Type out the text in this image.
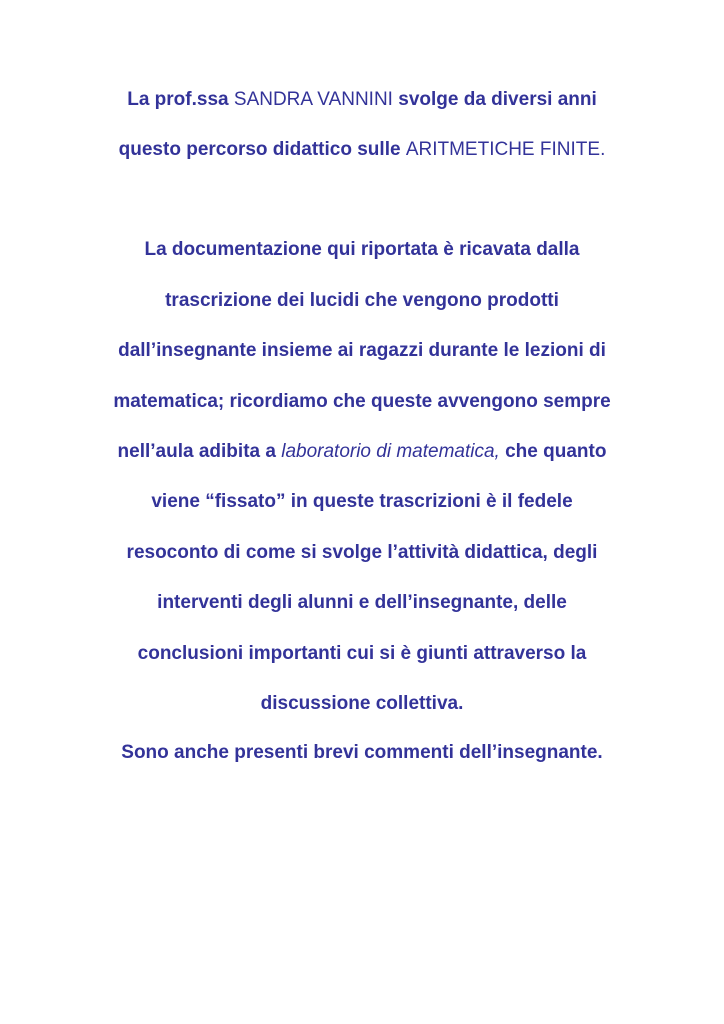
La prof.ssa SANDRA VANNINI svolge da diversi anni
questo percorso didattico sulle ARITMETICHE FINITE.
La documentazione qui riportata è ricavata dalla
trascrizione dei lucidi che vengono prodotti
dall’insegnante insieme ai ragazzi durante le lezioni di
matematica; ricordiamo che queste avvengono sempre
nell’aula adibita a laboratorio di matematica, che quanto
viene “fissato” in queste trascrizioni è il fedele
resoconto di come si svolge l’attività didattica, degli
interventi degli alunni e dell’insegnante, delle
conclusioni importanti cui si è giunti attraverso la
discussione collettiva.
Sono anche presenti brevi commenti dell’insegnante.
